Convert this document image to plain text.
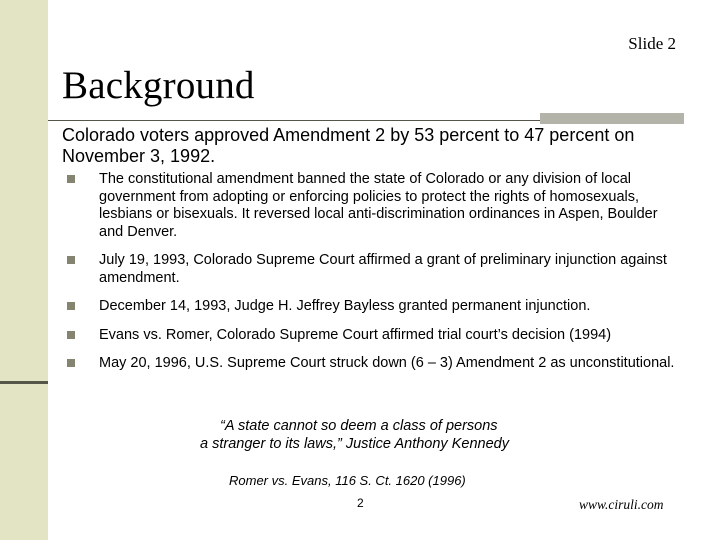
Slide 2
Background
Colorado voters approved Amendment 2 by 53 percent to 47 percent on November 3, 1992.
The constitutional amendment banned the state of Colorado or any division of local government from adopting or enforcing policies to protect the rights of homosexuals, lesbians or bisexuals. It reversed local anti-discrimination ordinances in Aspen, Boulder and Denver.
July 19, 1993, Colorado Supreme Court affirmed a grant of preliminary injunction against amendment.
December 14, 1993, Judge H. Jeffrey Bayless granted permanent injunction.
Evans vs. Romer, Colorado Supreme Court affirmed trial court’s decision (1994)
May 20, 1996, U.S. Supreme Court struck down (6 – 3) Amendment 2 as unconstitutional.
“A state cannot so deem a class of persons
a stranger to its laws,” Justice Anthony Kennedy
Romer vs. Evans, 116 S. Ct. 1620 (1996)
2	www.ciruli.com
